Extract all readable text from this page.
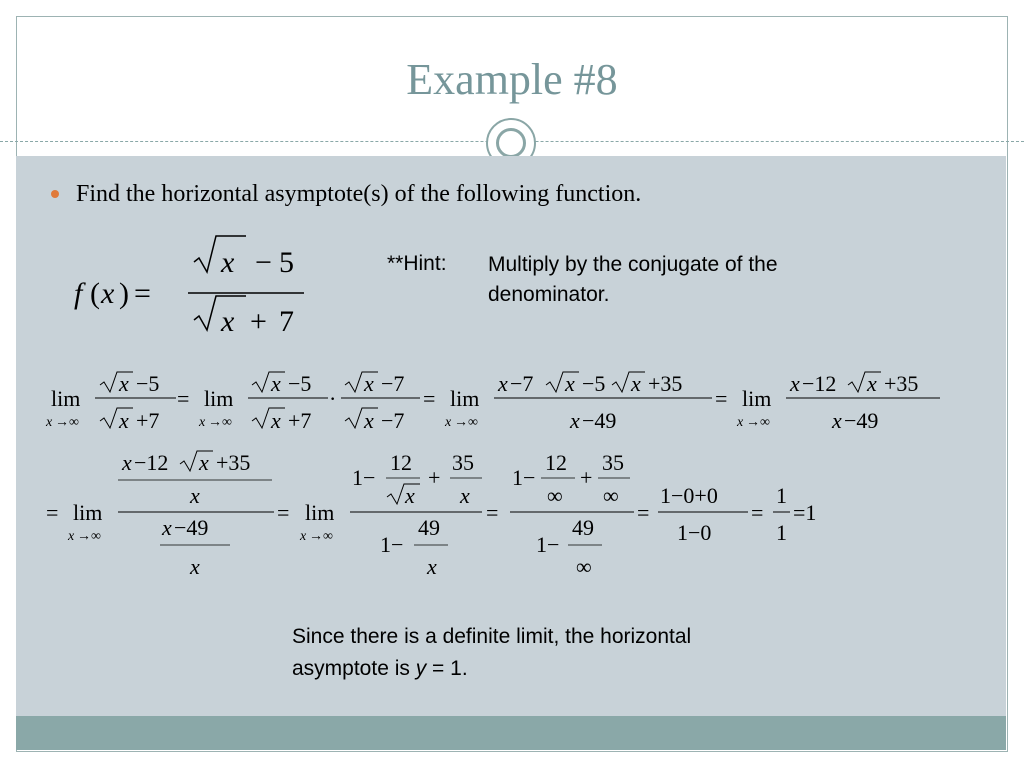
Example #8
Find the horizontal asymptote(s) of the following function.
**Hint: Multiply by the conjugate of the denominator.
Since there is a definite limit, the horizontal asymptote is y = 1.
f ( x ) =
x − 5
x + 7
lim
x →∞
x −5
x +7
= lim
x →∞
x −5
x +7
·
x −7
x −7
= lim
x →∞
x −7 x −5 x +35
x −49
= lim
x →∞
x −12 x +35
x −49
= lim
x →∞
x −12 x +35
x
x −49
x
= lim
x →∞
1−
12
x
+
35
x
1−
49
x
=
1−
12
∞
+
35
∞
1−
49
∞
=
1−0+0
1−0
=
1
1
=1
